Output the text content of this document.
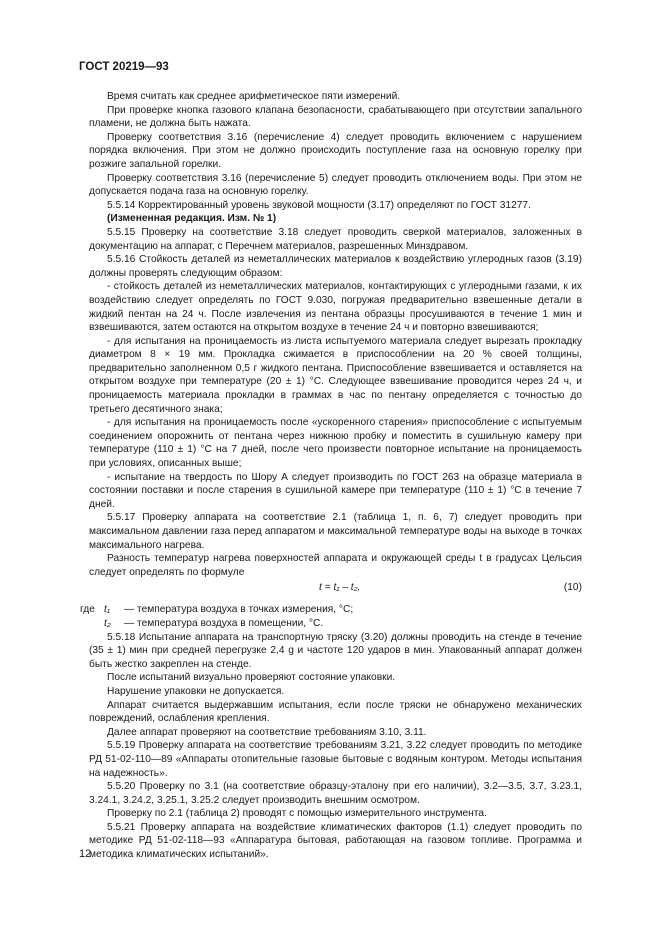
ГОСТ 20219—93

Время считать как среднее арифметическое пяти измерений.

При проверке кнопка газового клапана безопасности, срабатывающего при отсутствии запального пламени, не должна быть нажата.

Проверку соответствия 3.16 (перечисление 4) следует проводить включением с нарушением порядка включения. При этом не должно происходить поступление газа на основную горелку при розжиге запальной горелки.

Проверку соответствия 3.16 (перечисление 5) следует проводить отключением воды. При этом не допускается подача газа на основную горелку.

5.5.14 Корректированный уровень звуковой мощности (3.17) определяют по ГОСТ 31277.

(Измененная редакция. Изм. № 1)

5.5.15 Проверку на соответствие 3.18 следует проводить сверкой материалов, заложенных в документацию на аппарат, с Перечнем материалов, разрешенных Минздравом.

5.5.16 Стойкость деталей из неметаллических материалов к воздействию углеродных газов (3.19) должны проверять следующим образом:

- стойкость деталей из неметаллических материалов, контактирующих с углеродными газами, к их воздействию следует определять по ГОСТ 9.030, погружая предварительно взвешенные детали в жидкий пентан на 24 ч. После извлечения из пентана образцы просушиваются в течение 1 мин и взвешиваются, затем остаются на открытом воздухе в течение 24 ч и повторно взвешиваются;

- для испытания на проницаемость из листа испытуемого материала следует вырезать прокладку диаметром 8 × 19 мм. Прокладка сжимается в приспособлении на 20 % своей толщины, предварительно заполненном 0,5 г жидкого пентана. Приспособление взвешивается и оставляется на открытом воздухе при температуре (20 ± 1) °С. Следующее взвешивание проводится через 24 ч, и проницаемость материала прокладки в граммах в час по пентану определяется с точностью до третьего десятичного знака;

- для испытания на проницаемость после «ускоренного старения» приспособление с испытуемым соединением опорожнить от пентана через нижнюю пробку и поместить в сушильную камеру при температуре (110 ± 1) °С на 7 дней, после чего произвести повторное испытание на проницаемость при условиях, описанных выше;

- испытание на твердость по Шору А следует производить по ГОСТ 263 на образце материала в состоянии поставки и после старения в сушильной камере при температуре (110 ± 1) °С в течение 7 дней.

5.5.17 Проверку аппарата на соответствие 2.1 (таблица 1, п. 6, 7) следует проводить при максимальном давлении газа перед аппаратом и максимальной температуре воды на выходе в точках максимального нагрева.

Разность температур нагрева поверхностей аппарата и окружающей среды t в градусах Цельсия следует определять по формуле

t = t₁ – t₂,	(10)
где t₁	— температура воздуха в точках измерения, °С;
t₂	— температура воздуха в помещении, °С.

5.5.18 Испытание аппарата на транспортную тряску (3.20) должны проводить на стенде в течение (35 ± 1) мин при средней перегрузке 2,4 g и частоте 120 ударов в мин. Упакованный аппарат должен быть жестко закреплен на стенде.

После испытаний визуально проверяют состояние упаковки.

Нарушение упаковки не допускается.

Аппарат считается выдержавшим испытания, если после тряски не обнаружено механических повреждений, ослабления крепления.

Далее аппарат проверяют на соответствие требованиям 3.10, 3.11.

5.5.19 Проверку аппарата на соответствие требованиям 3.21, 3.22 следует проводить по методике РД 51-02-110—89 «Аппараты отопительные газовые бытовые с водяным контуром. Методы испытания на надежность».

5.5.20 Проверку по 3.1 (на соответствие образцу-эталону при его наличии), 3.2—3.5, 3.7, 3.23.1, 3.24.1, 3.24.2, 3.25.1, 3.25.2 следует производить внешним осмотром.

Проверку по 2.1 (таблица 2) проводят с помощью измерительного инструмента.

5.5.21 Проверку аппарата на воздействие климатических факторов (1.1) следует проводить по методике РД 51-02-118—93 «Аппаратура бытовая, работающая на газовом топливе. Программа и методика климатических испытаний».

12
